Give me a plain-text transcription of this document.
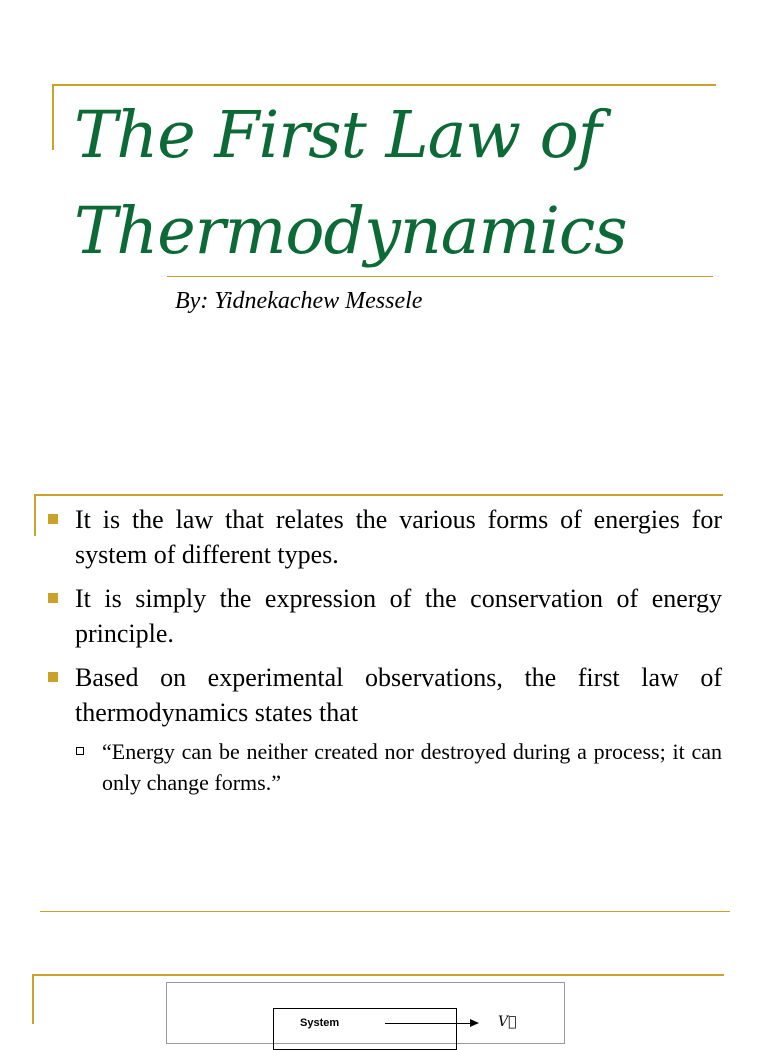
The First Law of
Thermodynamics
By: Yidnekachew Messele
It is the law that relates the various forms of energies for system of different types.
It is simply the expression of the conservation of energy principle.
Based on experimental observations, the first law of thermodynamics states that
“Energy can be neither created nor destroyed during a process; it can only change forms.”
System	V⃗
